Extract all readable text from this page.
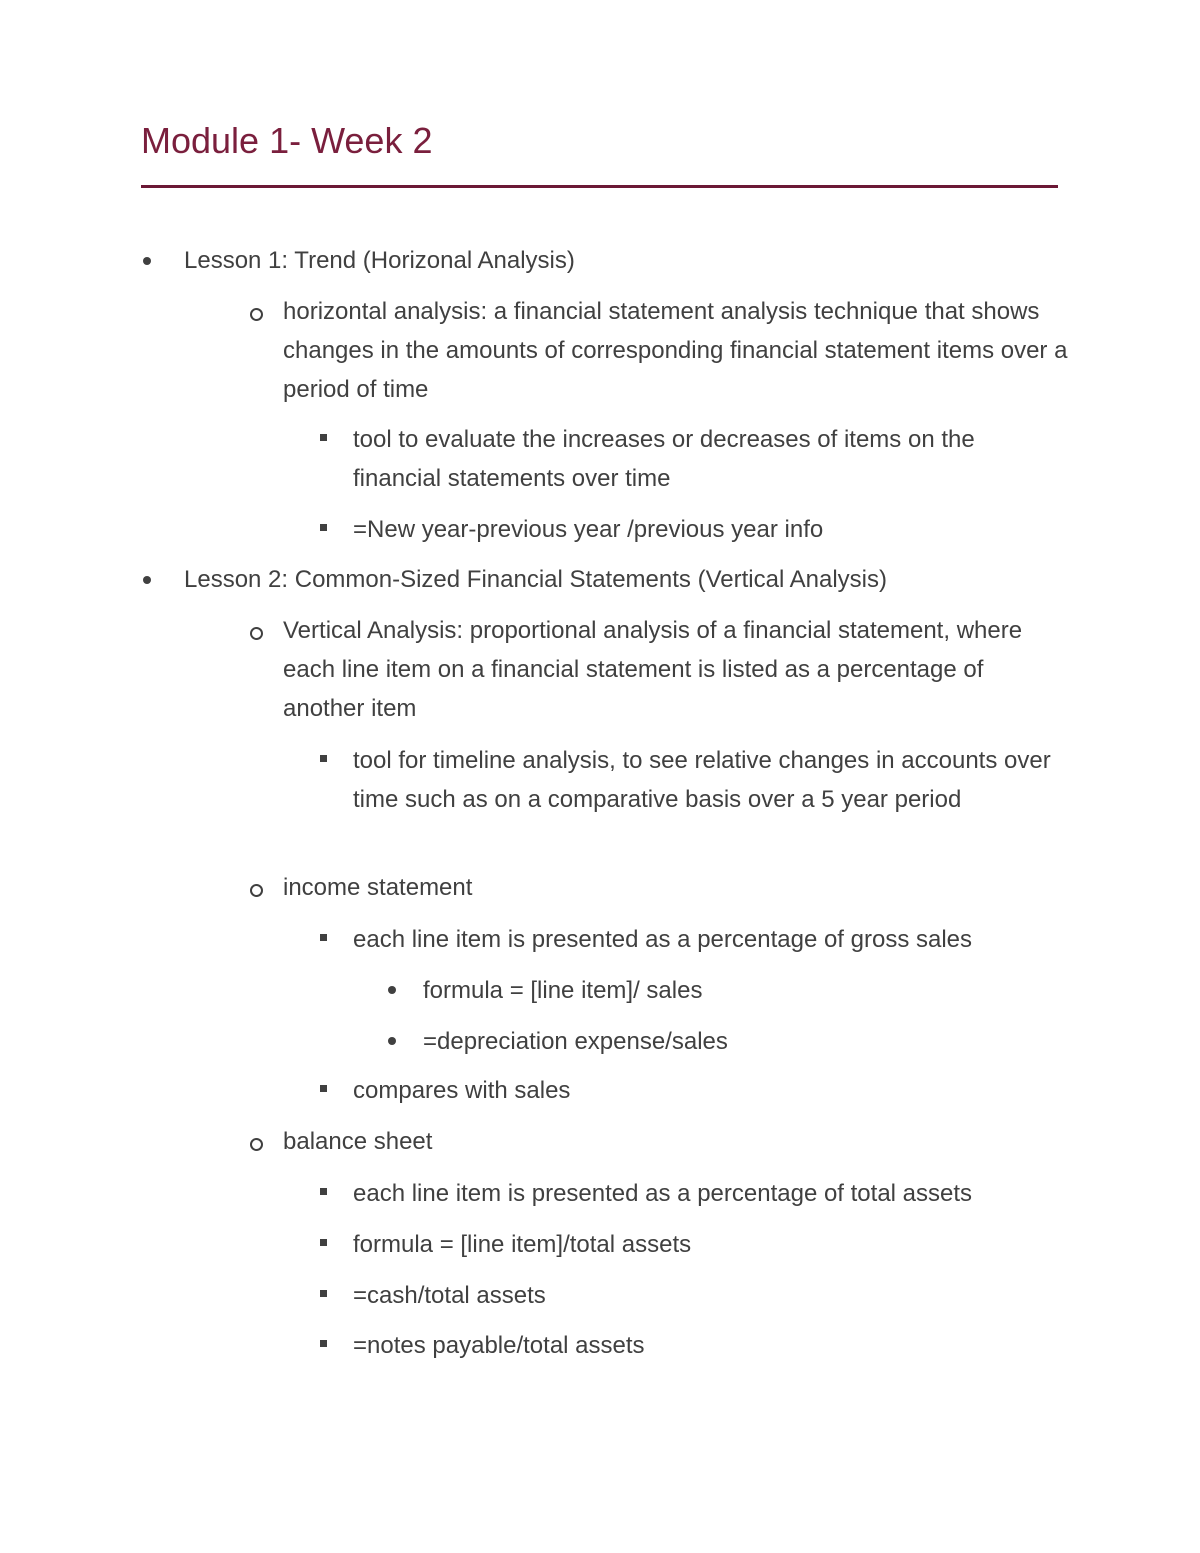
Module 1- Week 2
Lesson 1: Trend (Horizonal Analysis)
horizontal analysis: a financial statement analysis technique that shows changes in the amounts of corresponding financial statement items over a period of time
tool to evaluate the increases or decreases of items on the financial statements over time
=New year-previous year /previous year info
Lesson 2: Common-Sized Financial Statements (Vertical Analysis)
Vertical Analysis: proportional analysis of a financial statement, where each line item on a financial statement is listed as a percentage of another item
tool for timeline analysis, to see relative changes in accounts over time such as on a comparative basis over a 5 year period
income statement
each line item is presented as a percentage of gross sales
formula = [line item]/ sales
=depreciation expense/sales
compares with sales
balance sheet
each line item is presented as a percentage of total assets
formula = [line item]/total assets
=cash/total assets
=notes payable/total assets
